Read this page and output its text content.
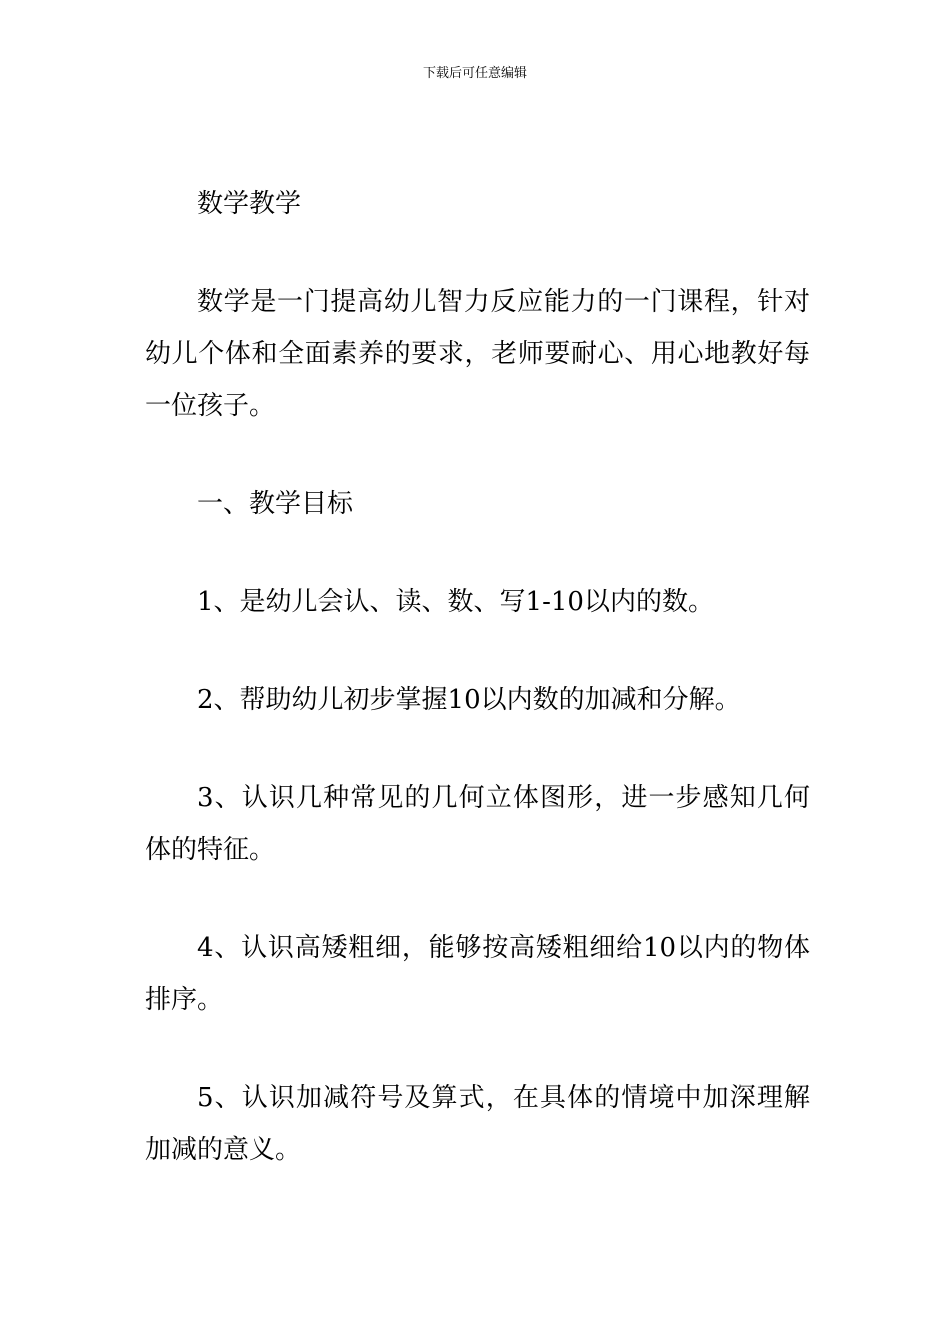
下载后可任意编辑

数学教学

数学是一门提高幼儿智力反应能力的一门课程，针对幼儿个体和全面素养的要求，老师要耐心、用心地教好每一位孩子。

一、教学目标

1、是幼儿会认、读、数、写1-10以内的数。

2、帮助幼儿初步掌握10以内数的加减和分解。

3、认识几种常见的几何立体图形，进一步感知几何体的特征。

4、认识高矮粗细，能够按高矮粗细给10以内的物体排序。

5、认识加减符号及算式，在具体的情境中加深理解加减的意义。
